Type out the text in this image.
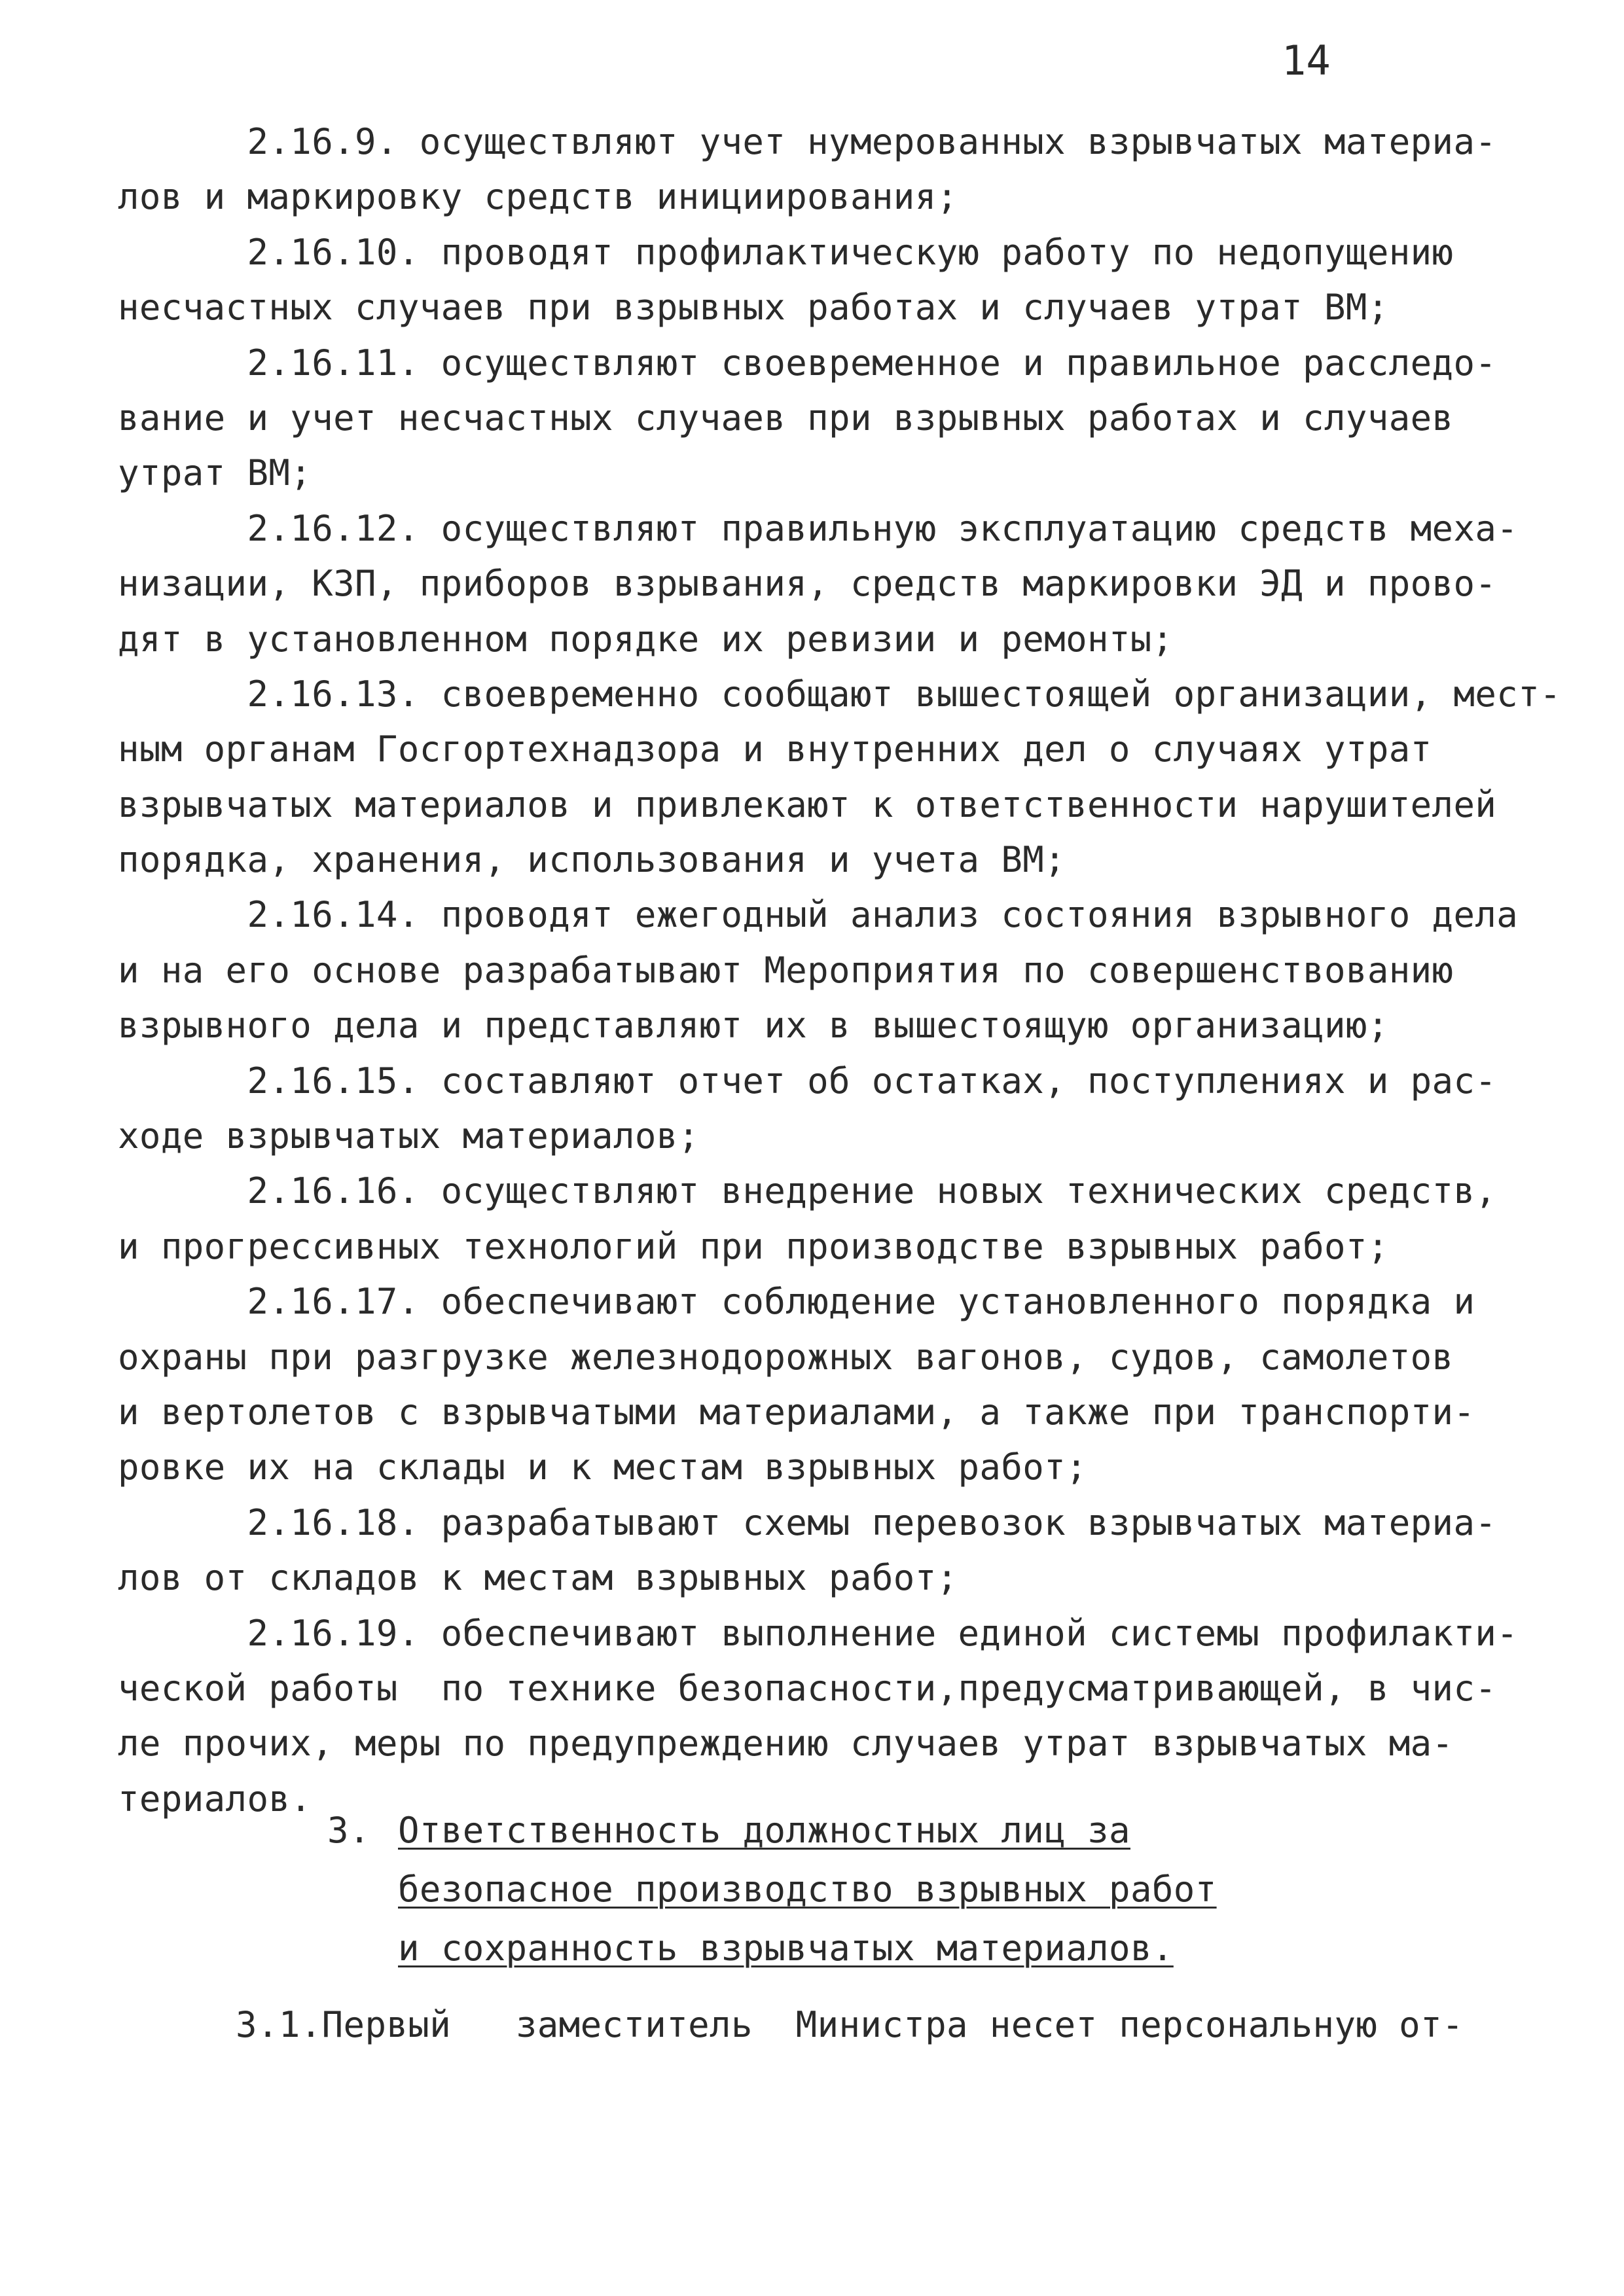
14
2.16.9. осуществляют учет нумерованных взрывчатых материа-
лов и маркировку средств инициирования;
2.16.10. проводят профилактическую работу по недопущению
несчастных случаев при взрывных работах и случаев утрат ВМ;
2.16.11. осуществляют своевременное и правильное расследо-
вание и учет несчастных случаев при взрывных работах и случаев
утрат ВМ;
2.16.12. осуществляют правильную эксплуатацию средств меха-
низации, КЗП, приборов взрывания, средств маркировки ЭД и прово-
дят в установленном порядке их ревизии и ремонты;
2.16.13. своевременно сообщают вышестоящей организации, мест-
ным органам Госгортехнадзора и внутренних дел о случаях утрат
взрывчатых материалов и привлекают к ответственности нарушителей
порядка, хранения, использования и учета ВМ;
2.16.14. проводят ежегодный анализ состояния взрывного дела
и на его основе разрабатывают Мероприятия по совершенствованию
взрывного дела и представляют их в вышестоящую организацию;
2.16.15. составляют отчет об остатках, поступлениях и рас-
ходе взрывчатых материалов;
2.16.16. осуществляют внедрение новых технических средств,
и прогрессивных технологий при производстве взрывных работ;
2.16.17. обеспечивают соблюдение установленного порядка и
охраны при разгрузке железнодорожных вагонов, судов, самолетов
и вертолетов с взрывчатыми материалами, а также при транспорти-
ровке их на склады и к местам взрывных работ;
2.16.18. разрабатывают схемы перевозок взрывчатых материа-
лов от складов к местам взрывных работ;
2.16.19. обеспечивают выполнение единой системы профилакти-
ческой работы  по технике безопасности,предусматривающей, в чис-
ле прочих, меры по предупреждению случаев утрат взрывчатых ма-
териалов.
3. Ответственность должностных лиц за
безопасное производство взрывных работ
и сохранность взрывчатых материалов.
3.1.Первый   заместитель  Министра несет персональную от-
